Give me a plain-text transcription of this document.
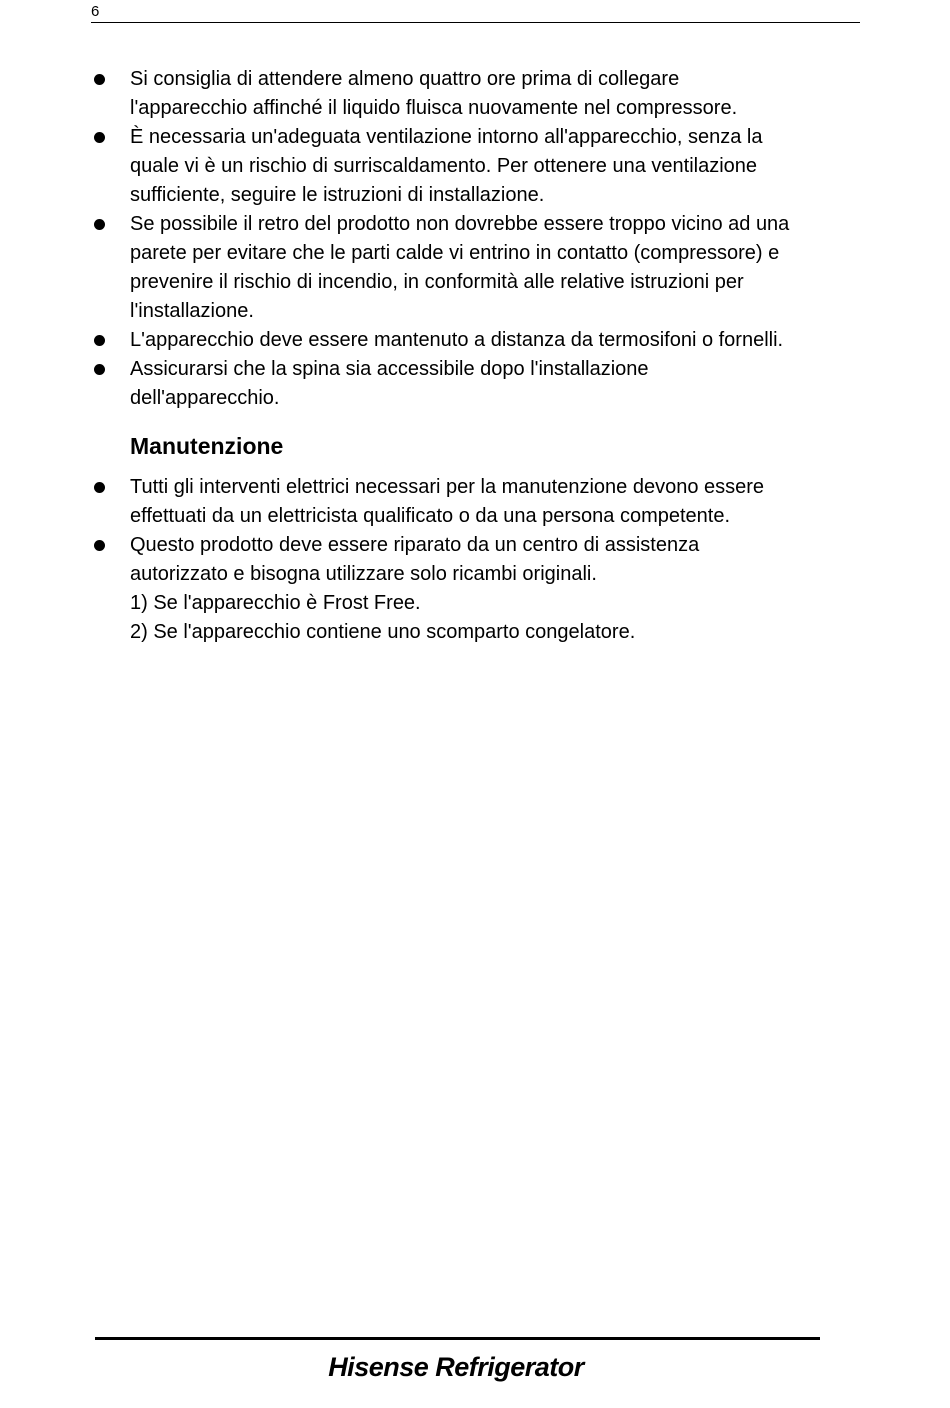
6
Si consiglia di attendere almeno quattro ore prima di collegare
l'apparecchio affinché il liquido fluisca nuovamente nel compressore.
È necessaria un'adeguata ventilazione intorno all'apparecchio, senza la
quale vi è un rischio di surriscaldamento. Per ottenere una ventilazione
sufficiente, seguire le istruzioni di installazione.
Se possibile il retro del prodotto non dovrebbe essere troppo vicino ad una
parete per evitare che le parti calde vi entrino in contatto (compressore) e
prevenire il rischio di incendio, in conformità alle relative istruzioni per
l'installazione.
L'apparecchio deve essere mantenuto a distanza da termosifoni o fornelli.
Assicurarsi che la spina sia accessibile dopo l'installazione
dell'apparecchio.
Manutenzione
Tutti gli interventi elettrici necessari per la manutenzione devono essere
effettuati da un elettricista qualificato o da una persona competente.
Questo prodotto deve essere riparato da un centro di assistenza
autorizzato e bisogna utilizzare solo ricambi originali.
1) Se l'apparecchio è Frost Free.
2) Se l'apparecchio contiene uno scomparto congelatore.
Hisense Refrigerator
